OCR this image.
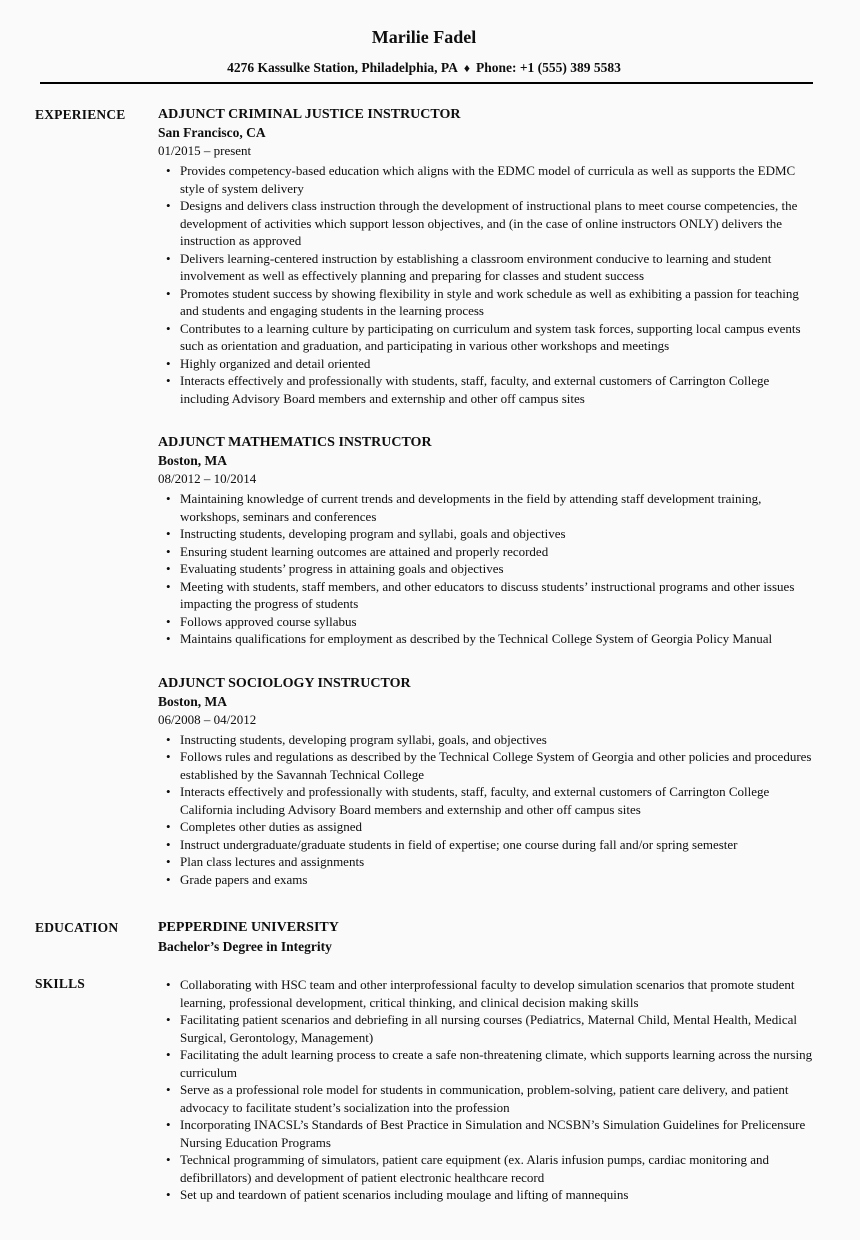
Marilie Fadel
4276 Kassulke Station, Philadelphia, PA ♦ Phone: +1 (555) 389 5583
EXPERIENCE	ADJUNCT CRIMINAL JUSTICE INSTRUCTOR
San Francisco, CA
01/2015 – present
• Provides competency-based education which aligns with the EDMC model of curricula as well as supports the EDMC style of system delivery
• Designs and delivers class instruction through the development of instructional plans to meet course competencies, the development of activities which support lesson objectives, and (in the case of online instructors ONLY) delivers the instruction as approved
• Delivers learning-centered instruction by establishing a classroom environment conducive to learning and student involvement as well as effectively planning and preparing for classes and student success
• Promotes student success by showing flexibility in style and work schedule as well as exhibiting a passion for teaching and students and engaging students in the learning process
• Contributes to a learning culture by participating on curriculum and system task forces, supporting local campus events such as orientation and graduation, and participating in various other workshops and meetings
• Highly organized and detail oriented
• Interacts effectively and professionally with students, staff, faculty, and external customers of Carrington College including Advisory Board members and externship and other off campus sites
ADJUNCT MATHEMATICS INSTRUCTOR
Boston, MA
08/2012 – 10/2014
• Maintaining knowledge of current trends and developments in the field by attending staff development training, workshops, seminars and conferences
• Instructing students, developing program and syllabi, goals and objectives
• Ensuring student learning outcomes are attained and properly recorded
• Evaluating students’ progress in attaining goals and objectives
• Meeting with students, staff members, and other educators to discuss students’ instructional programs and other issues impacting the progress of students
• Follows approved course syllabus
• Maintains qualifications for employment as described by the Technical College System of Georgia Policy Manual
ADJUNCT SOCIOLOGY INSTRUCTOR
Boston, MA
06/2008 – 04/2012
• Instructing students, developing program syllabi, goals, and objectives
• Follows rules and regulations as described by the Technical College System of Georgia and other policies and procedures established by the Savannah Technical College
• Interacts effectively and professionally with students, staff, faculty, and external customers of Carrington College California including Advisory Board members and externship and other off campus sites
• Completes other duties as assigned
• Instruct undergraduate/graduate students in field of expertise; one course during fall and/or spring semester
• Plan class lectures and assignments
• Grade papers and exams
EDUCATION	PEPPERDINE UNIVERSITY
Bachelor’s Degree in Integrity
SKILLS	• Collaborating with HSC team and other interprofessional faculty to develop simulation scenarios that promote student learning, professional development, critical thinking, and clinical decision making skills
• Facilitating patient scenarios and debriefing in all nursing courses (Pediatrics, Maternal Child, Mental Health, Medical Surgical, Gerontology, Management)
• Facilitating the adult learning process to create a safe non-threatening climate, which supports learning across the nursing curriculum
• Serve as a professional role model for students in communication, problem-solving, patient care delivery, and patient advocacy to facilitate student’s socialization into the profession
• Incorporating INACSL’s Standards of Best Practice in Simulation and NCSBN’s Simulation Guidelines for Prelicensure Nursing Education Programs
• Technical programming of simulators, patient care equipment (ex. Alaris infusion pumps, cardiac monitoring and defibrillators) and development of patient electronic healthcare record
• Set up and teardown of patient scenarios including moulage and lifting of mannequins
